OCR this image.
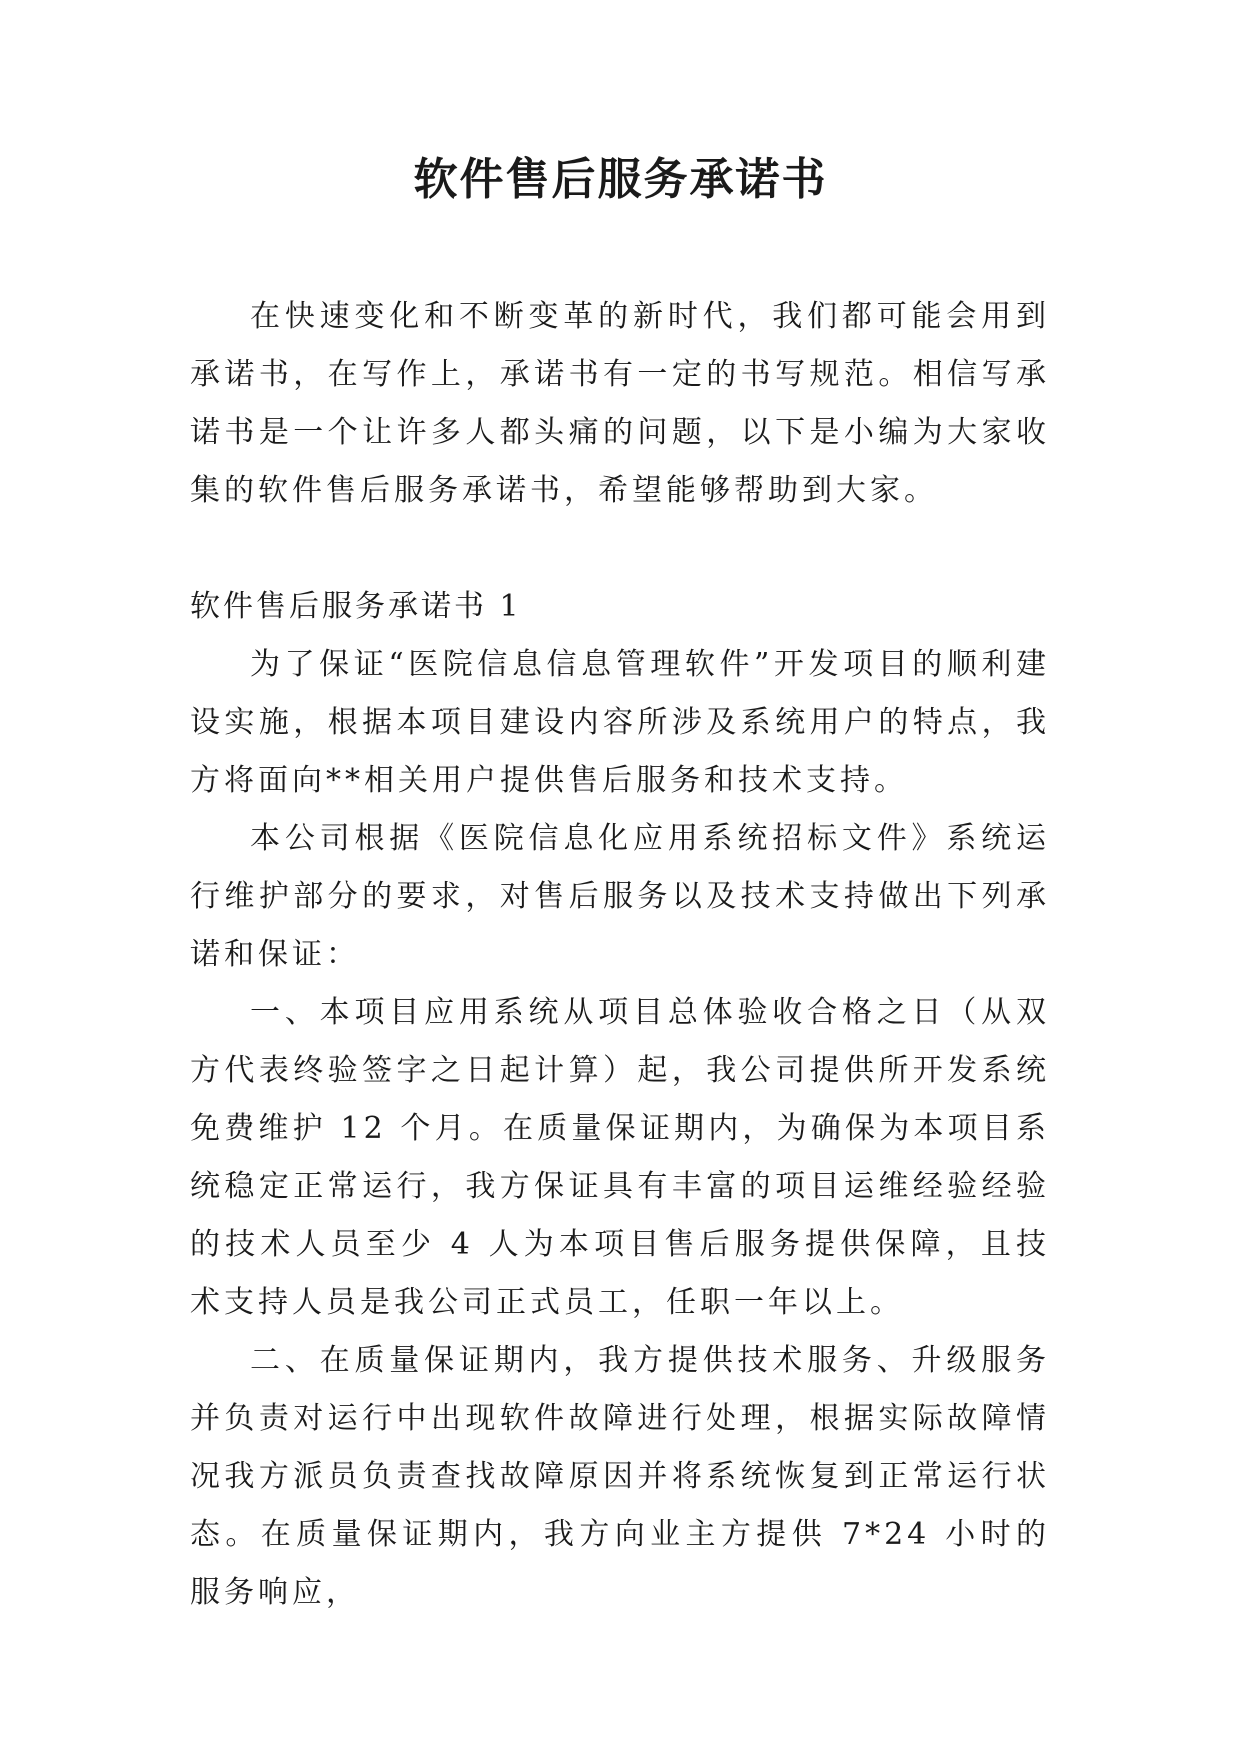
软件售后服务承诺书

在快速变化和不断变革的新时代，我们都可能会用到承诺书，在写作上，承诺书有一定的书写规范。相信写承诺书是一个让许多人都头痛的问题，以下是小编为大家收集的软件售后服务承诺书，希望能够帮助到大家。

软件售后服务承诺书 1

为了保证“医院信息信息管理软件”开发项目的顺利建设实施，根据本项目建设内容所涉及系统用户的特点，我方将面向**相关用户提供售后服务和技术支持。

本公司根据《医院信息化应用系统招标文件》系统运行维护部分的要求，对售后服务以及技术支持做出下列承诺和保证：

一、本项目应用系统从项目总体验收合格之日（从双方代表终验签字之日起计算）起，我公司提供所开发系统免费维护 12 个月。在质量保证期内，为确保为本项目系统稳定正常运行，我方保证具有丰富的项目运维经验经验的技术人员至少 4 人为本项目售后服务提供保障，且技术支持人员是我公司正式员工，任职一年以上。

二、在质量保证期内，我方提供技术服务、升级服务并负责对运行中出现软件故障进行处理，根据实际故障情况我方派员负责查找故障原因并将系统恢复到正常运行状态。在质量保证期内，我方向业主方提供 7*24 小时的服务响应，
